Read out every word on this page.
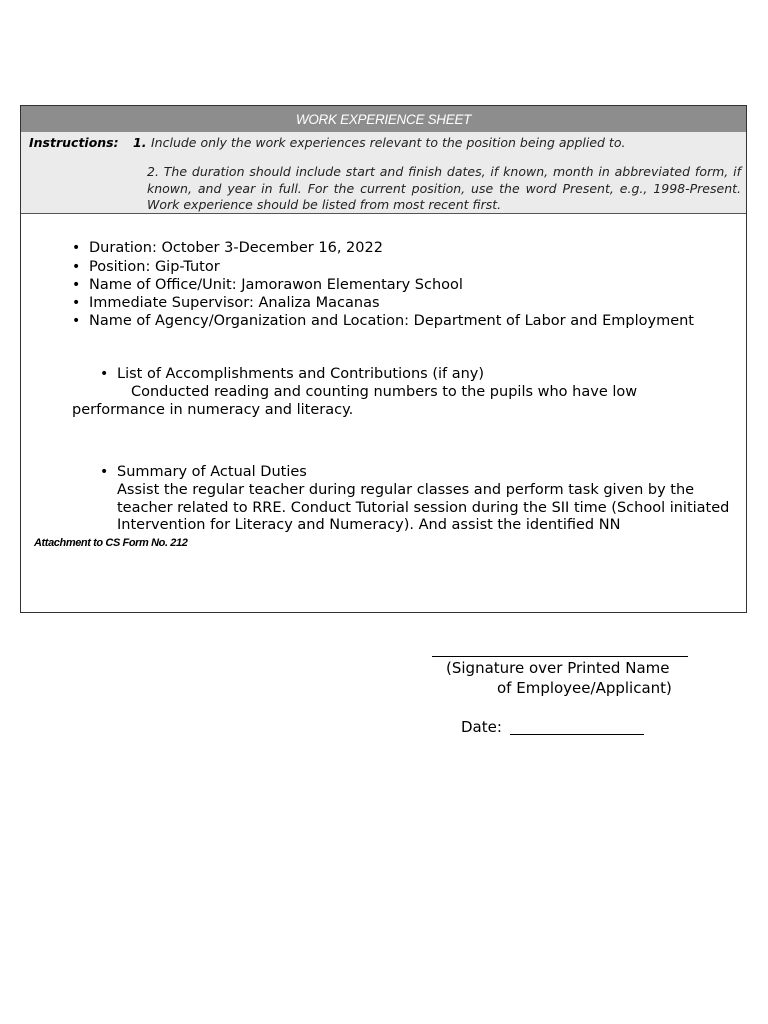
WORK EXPERIENCE SHEET
Instructions: 1. Include only the work experiences relevant to the position being applied to.
2. The duration should include start and finish dates, if known, month in abbreviated form, if known, and year in full. For the current position, use the word Present, e.g., 1998-Present. Work experience should be listed from most recent first.
• Duration: October 3-December 16, 2022
• Position: Gip-Tutor
• Name of Office/Unit: Jamorawon Elementary School
• Immediate Supervisor: Analiza Macanas
• Name of Agency/Organization and Location: Department of Labor and Employment
• List of Accomplishments and Contributions (if any)
Conducted reading and counting numbers to the pupils who have low
performance in numeracy and literacy.
• Summary of Actual Duties
Assist the regular teacher during regular classes and perform task given by the teacher related to RRE. Conduct Tutorial session during the SII time (School initiated Intervention for Literacy and Numeracy). And assist the identified NN
Attachment to CS Form No. 212
(Signature over Printed Name
of Employee/Applicant)
Date:
